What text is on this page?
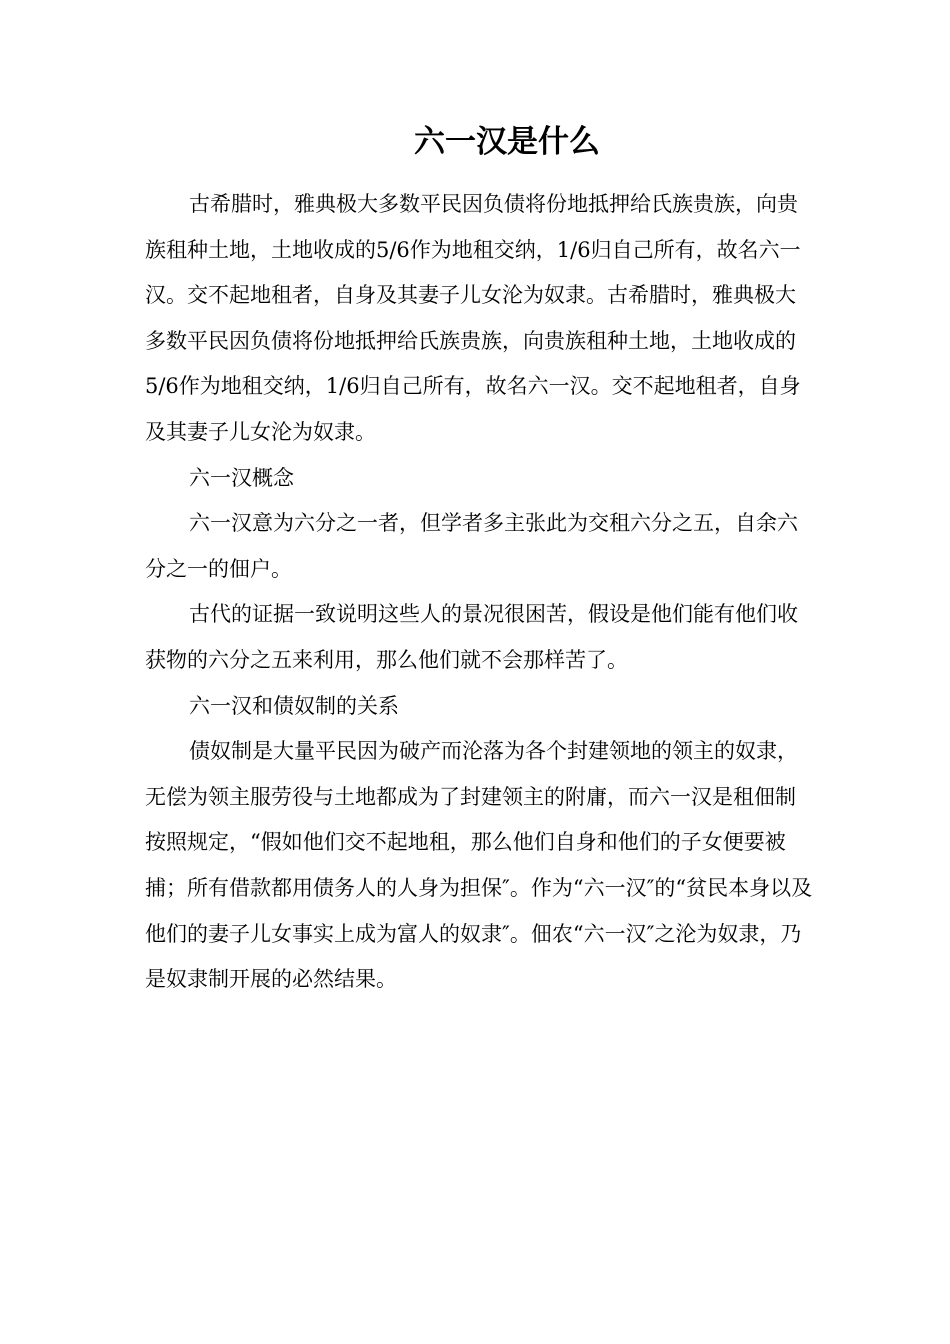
六一汉是什么

古希腊时，雅典极大多数平民因负债将份地抵押给氏族贵族，向贵族租种土地，土地收成的5/6作为地租交纳，1/6归自己所有，故名六一汉。交不起地租者，自身及其妻子儿女沦为奴隶。古希腊时，雅典极大多数平民因负债将份地抵押给氏族贵族，向贵族租种土地，土地收成的5/6作为地租交纳，1/6归自己所有，故名六一汉。交不起地租者，自身及其妻子儿女沦为奴隶。

六一汉概念

六一汉意为六分之一者，但学者多主张此为交租六分之五，自余六分之一的佃户。

古代的证据一致说明这些人的景况很困苦，假设是他们能有他们收获物的六分之五来利用，那么他们就不会那样苦了。

六一汉和债奴制的关系

债奴制是大量平民因为破产而沦落为各个封建领地的领主的奴隶，无偿为领主服劳役与土地都成为了封建领主的附庸，而六一汉是租佃制按照规定，“假如他们交不起地租，那么他们自身和他们的子女便要被捕；所有借款都用债务人的人身为担保″。作为“六一汉″的“贫民本身以及他们的妻子儿女事实上成为富人的奴隶″。佃农“六一汉″之沦为奴隶，乃是奴隶制开展的必然结果。
